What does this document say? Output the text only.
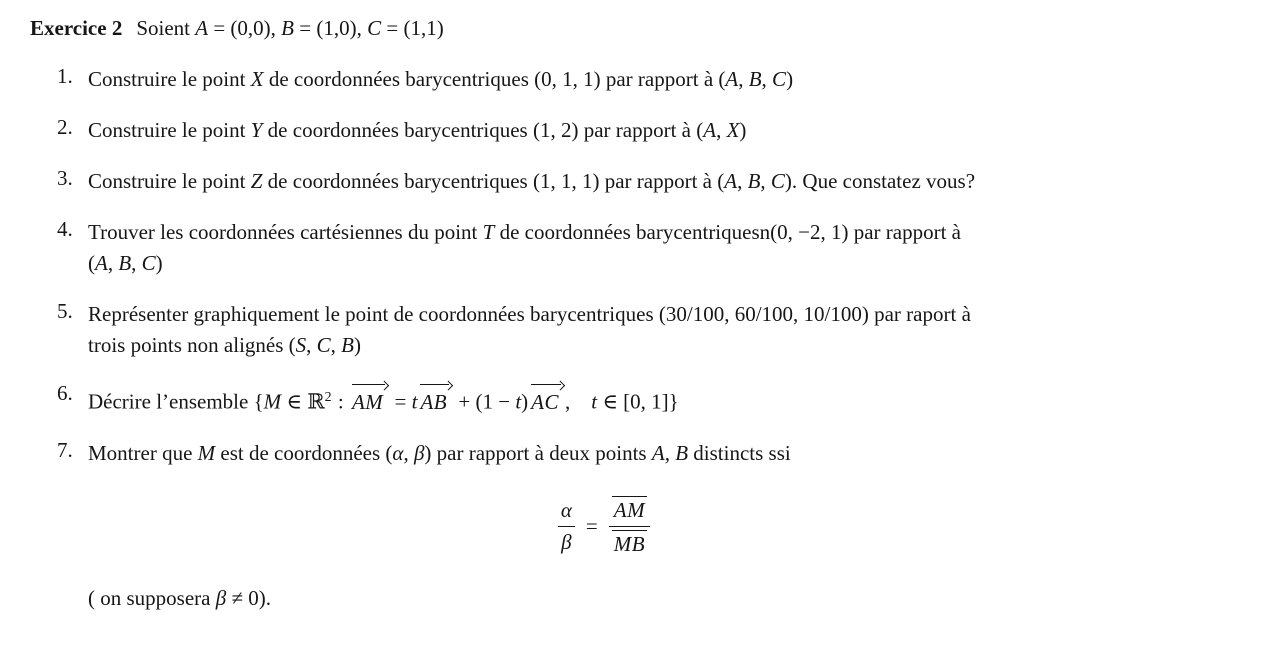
Exercice 2 Soient A = (0,0), B = (1,0), C = (1,1)
1. Construire le point X de coordonnées barycentriques (0, 1, 1) par rapport à (A, B, C)
2. Construire le point Y de coordonnées barycentriques (1, 2) par rapport à (A, X)
3. Construire le point Z de coordonnées barycentriques (1, 1, 1) par rapport à (A, B, C). Que constatez vous?
4. Trouver les coordonnées cartésiennes du point T de coordonnées barycentriquesn(0, −2, 1) par rapport à
(A, B, C)
5. Représenter graphiquement le point de coordonnées barycentriques (30/100, 60/100, 10/100) par raport à
trois points non alignés (S, C, B)
6. Décrire l’ensemble {M ∈ ℝ$^2$ : AM = t AB + (1 − t) AC ,  t ∈ [0, 1]}
7. Montrer que M est de coordonnées (α, β) par rapport à deux points A, B distincts ssi
$\frac{\alpha}{\beta} = \frac{AM}{MB}$
( on supposera β ≠ 0).
